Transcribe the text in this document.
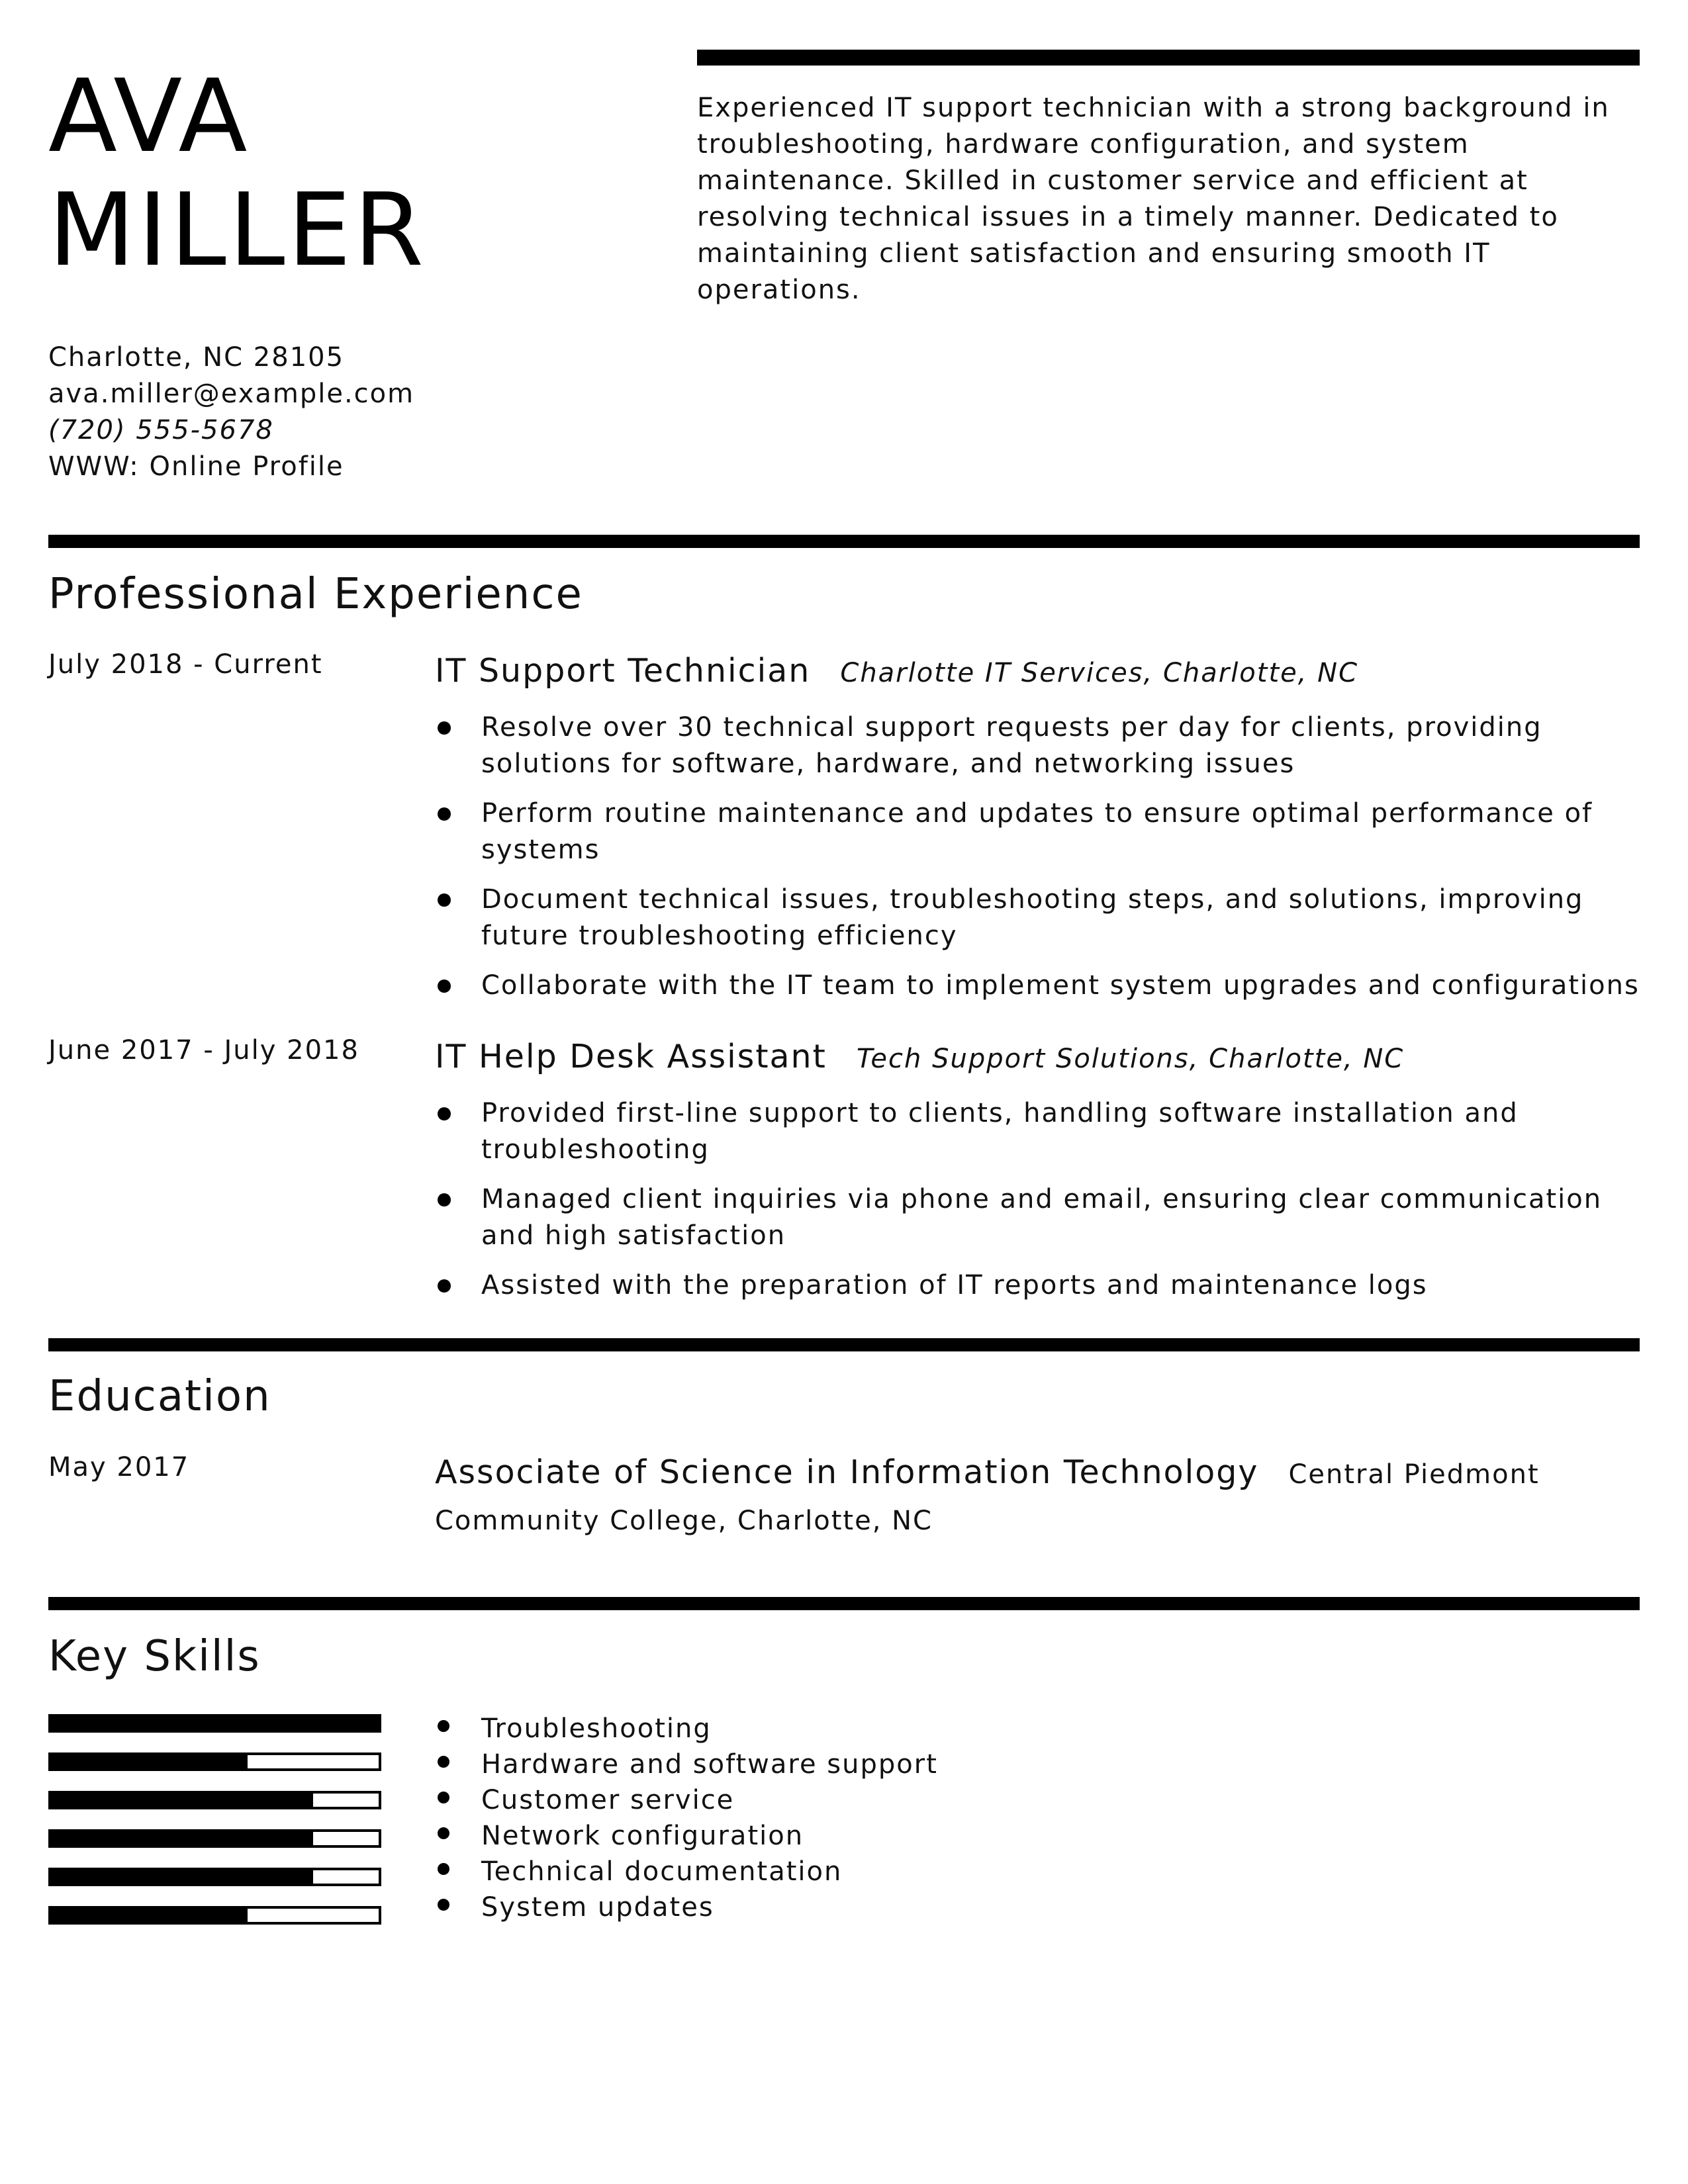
AVA
MILLER

Experienced IT support technician with a strong background in troubleshooting, hardware configuration, and system maintenance. Skilled in customer service and efficient at resolving technical issues in a timely manner. Dedicated to maintaining client satisfaction and ensuring smooth IT operations.

Charlotte, NC 28105
ava.miller@example.com
(720) 555-5678
WWW: Online Profile
Professional Experience
July 2018 - Current	IT Support Technician Charlotte IT Services, Charlotte, NC
Resolve over 30 technical support requests per day for clients, providing solutions for software, hardware, and networking issues
Perform routine maintenance and updates to ensure optimal performance of systems
Document technical issues, troubleshooting steps, and solutions, improving future troubleshooting efficiency
Collaborate with the IT team to implement system upgrades and configurations
June 2017 - July 2018 IT Help Desk Assistant Tech Support Solutions, Charlotte, NC
Provided first-line support to clients, handling software installation and troubleshooting
Managed client inquiries via phone and email, ensuring clear communication and high satisfaction
Assisted with the preparation of IT reports and maintenance logs
Education
May 2017	Associate of Science in Information Technology Central Piedmont Community College, Charlotte, NC

Key Skills
Troubleshooting
Hardware and software support
Customer service
Network configuration
Technical documentation
System updates
